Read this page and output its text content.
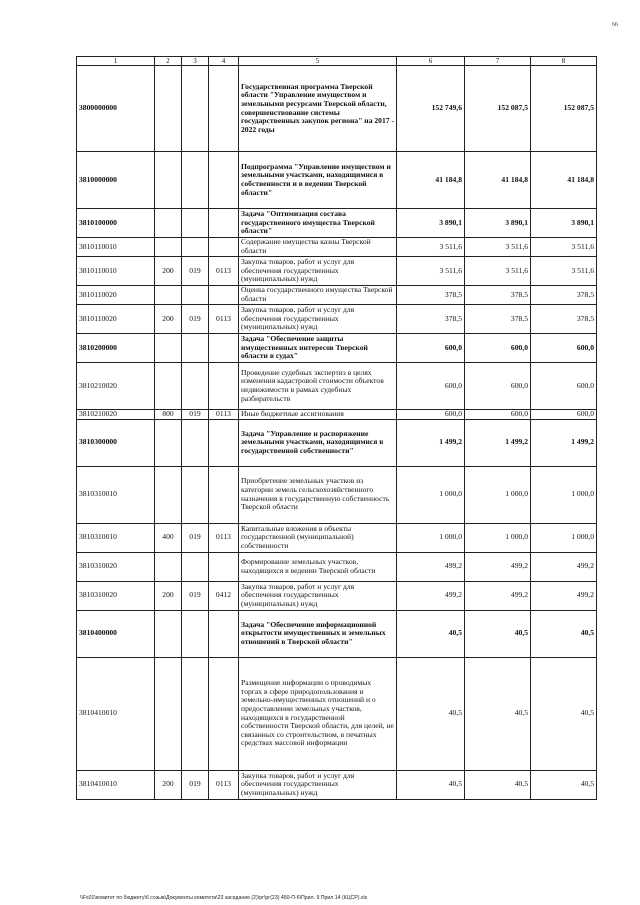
66
1	2	3	4	5	6	7	8
3800000000				Государственная программа Тверской области "Управление имуществом и земельными ресурсами Тверской области, совершенствование системы государственных закупок региона" на 2017 - 2022 годы	152 749,6	152 087,5	152 087,5
3810000000				Подпрограмма "Управление имуществом и земельными участками, находящимися в собственности и в ведении Тверской области"	41 184,8	41 184,8	41 184,8
3810100000				Задача "Оптимизация состава государственного имущества Тверской области"	3 890,1	3 890,1	3 890,1
3810110010				Содержание имущества казны Тверской области	3 511,6	3 511,6	3 511,6
3810110010	200	019	0113	Закупка товаров, работ и услуг для обеспечения государственных (муниципальных) нужд	3 511,6	3 511,6	3 511,6
3810110020				Оценка государственного имущества Тверской области	378,5	378,5	378,5
3810110020	200	019	0113	Закупка товаров, работ и услуг для обеспечения государственных (муниципальных) нужд	378,5	378,5	378,5
3810200000				Задача "Обеспечение защиты имущественных интересов Тверской области в судах"	600,0	600,0	600,0
3810210020				Проведение судебных экспертиз в целях изменения кадастровой стоимости объектов недвижимости в рамках судебных разбирательств	600,0	600,0	600,0
3810210020	800	019	0113	Иные бюджетные ассигнования	600,0	600,0	600,0
3810300000				Задача "Управление и распоряжение земельными участками, находящимися в государственной собственности"	1 499,2	1 499,2	1 499,2
3810310010				Приобретение земельных участков из категории земель сельскохозяйственного назначения в государственную собственность Тверской области	1 000,0	1 000,0	1 000,0
3810310010	400	019	0113	Капитальные вложения в объекты государственной (муниципальной) собственности	1 000,0	1 000,0	1 000,0
3810310020				Формирование земельных участков, находящихся в ведении Тверской области	499,2	499,2	499,2
3810310020	200	019	0412	Закупка товаров, работ и услуг для обеспечения государственных (муниципальных) нужд	499,2	499,2	499,2
3810400000				Задача "Обеспечение информационной открытости имущественных и земельных отношений в Тверской области"	40,5	40,5	40,5
3810410010				Размещение информации о проводимых торгах в сфере природопользования и земельно-имущественных отношений и о предоставлении земельных участков, находящихся в государственной собственности Тверской области, для целей, не связанных со строительством, в печатных средствах массовой информации	40,5	40,5	40,5
3810410010	200	019	0113	Закупка товаров, работ и услуг для обеспечения государственных (муниципальных) нужд	40,5	40,5	40,5
\\Fs01\комитет по бюджету\6 созыв\Документы комитета\23 заседание (2)\рг\рг(23) 450-П-6\Прил. 9 Прил 14 (КЦСР).xls
